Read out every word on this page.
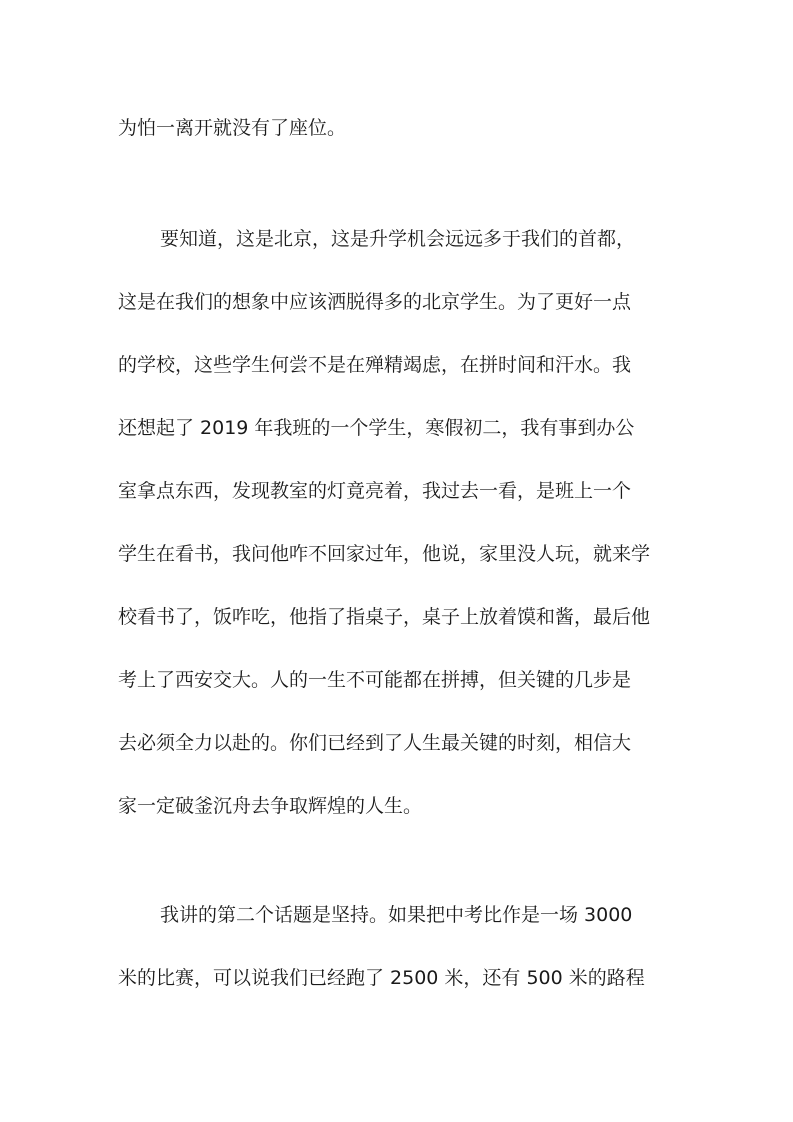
为怕一离开就没有了座位。
要知道，这是北京，这是升学机会远远多于我们的首都，
这是在我们的想象中应该洒脱得多的北京学生。为了更好一点
的学校，这些学生何尝不是在殚精竭虑，在拼时间和汗水。我
还想起了 2019 年我班的一个学生，寒假初二，我有事到办公
室拿点东西，发现教室的灯竟亮着，我过去一看，是班上一个
学生在看书，我问他咋不回家过年，他说，家里没人玩，就来学
校看书了，饭咋吃，他指了指桌子，桌子上放着馍和酱，最后他
考上了西安交大。人的一生不可能都在拼搏，但关键的几步是
去必须全力以赴的。你们已经到了人生最关键的时刻，相信大
家一定破釜沉舟去争取辉煌的人生。
我讲的第二个话题是坚持。如果把中考比作是一场 3000
米的比赛，可以说我们已经跑了 2500 米，还有 500 米的路程
